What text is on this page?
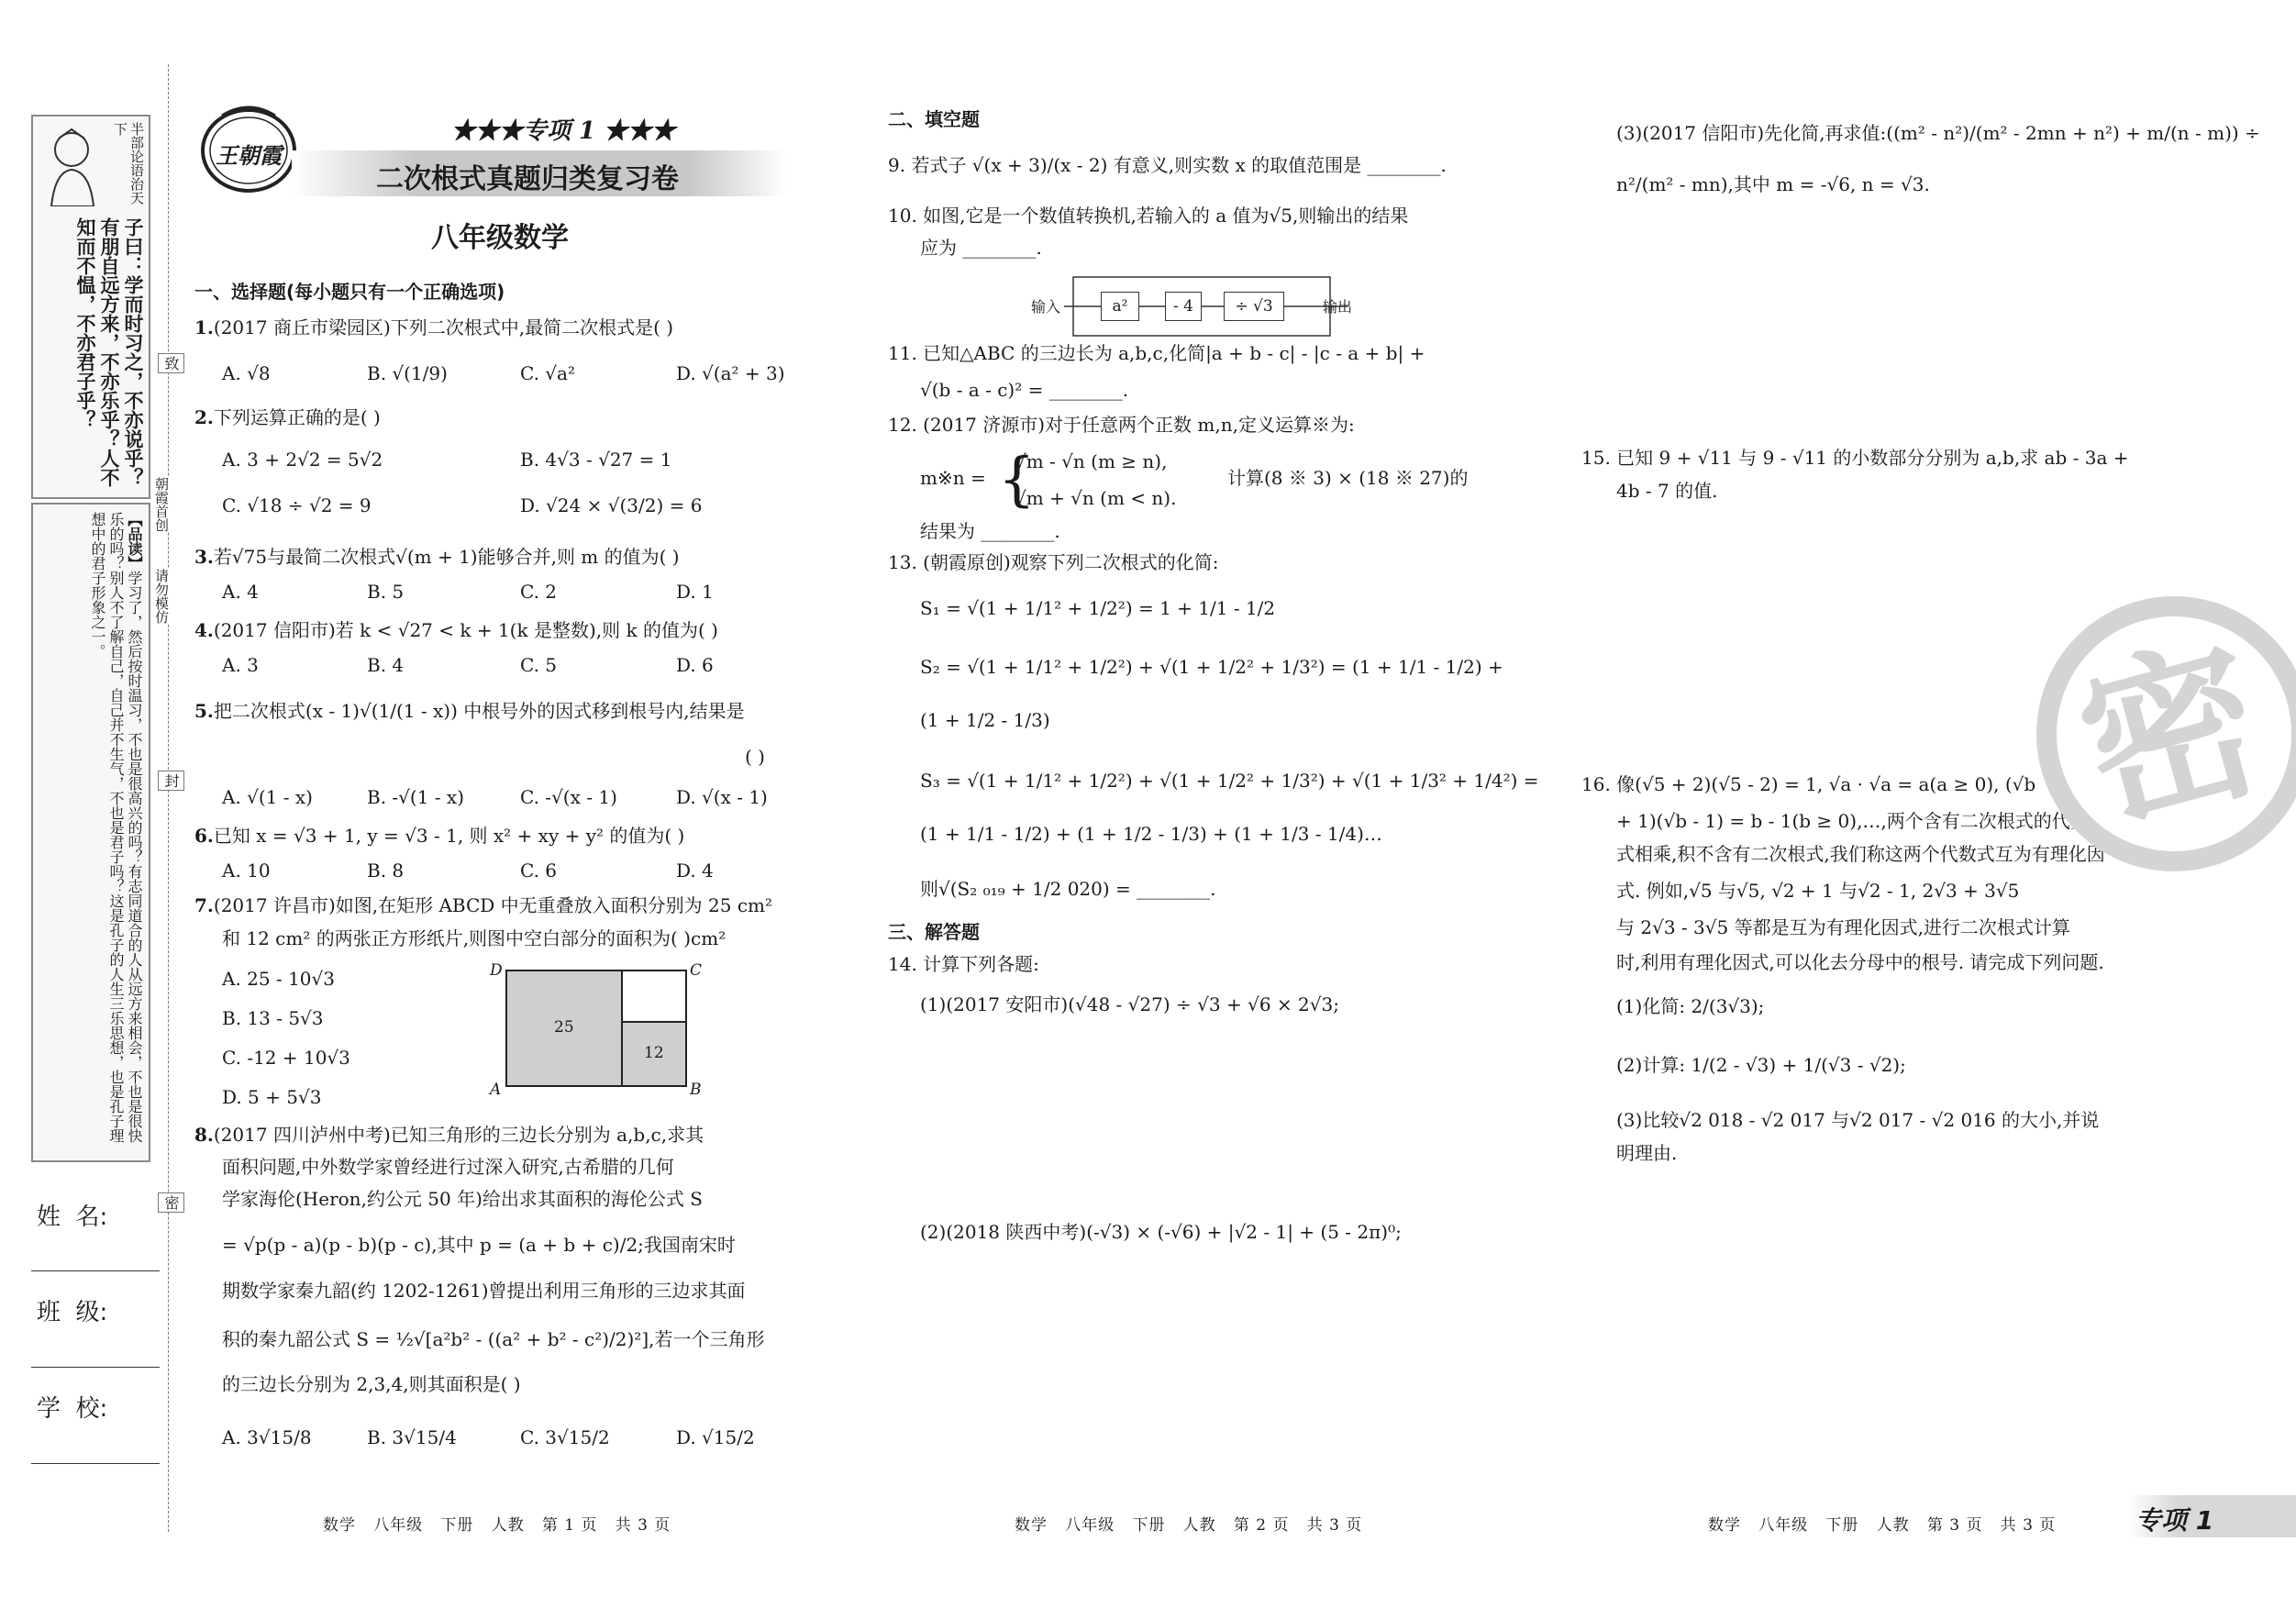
半部论语治天下
子曰：学而时习之，不亦说乎？有朋自远方来，不亦乐乎？人不知而不愠，不亦君子乎？
【品读】学习了，然后按时温习，不也是很高兴的吗？有志同道合的人从远方来相会，不也是很快乐的吗？别人不了解自己，自己并不生气，不也是君子吗？这是孔子的人生三乐思想，也是孔子理想中的君子形象之一。
致
朝霞首创
请勿模仿
封
密
姓  名:
班  级:
学  校:
王朝霞
★★★专项 1 ★★★
二次根式真题归类复习卷
八年级数学
一、选择题(每小题只有一个正确选项)
1.(2017 商丘市梁园区)下列二次根式中,最简二次根式是( )
A. √8	B. √(1/9)	C. √a²	D. √(a² + 3)
2.下列运算正确的是( )
A. 3 + 2√2 = 5√2	B. 4√3 - √27 = 1
C. √18 ÷ √2 = 9	D. √24 × √(3/2) = 6
3.若√75与最简二次根式√(m + 1)能够合并,则 m 的值为( )
A. 4	B. 5	C. 2	D. 1
4.(2017 信阳市)若 k < √27 < k + 1(k 是整数),则 k 的值为( )
A. 3	B. 4	C. 5	D. 6
5.把二次根式(x - 1)√(1/(1 - x)) 中根号外的因式移到根号内,结果是
( )
A. √(1 - x)	B. -√(1 - x)	C. -√(x - 1)	D. √(x - 1)
6.已知 x = √3 + 1, y = √3 - 1, 则 x² + xy + y² 的值为( )
A. 10	B. 8	C. 6	D. 4
7.(2017 许昌市)如图,在矩形 ABCD 中无重叠放入面积分别为 25 cm²
和 12 cm² 的两张正方形纸片,则图中空白部分的面积为( )cm²
A. 25 - 10√3
B. 13 - 5√3
C. -12 + 10√3
D. 5 + 5√3
D	C
A	B
25
12
8.(2017 四川泸州中考)已知三角形的三边长分别为 a,b,c,求其
面积问题,中外数学家曾经进行过深入研究,古希腊的几何
学家海伦(Heron,约公元 50 年)给出求其面积的海伦公式 S
= √p(p - a)(p - b)(p - c),其中 p = (a + b + c)/2;我国南宋时
期数学家秦九韶(约 1202-1261)曾提出利用三角形的三边求其面
积的秦九韶公式 S = ½√[a²b² - ((a² + b² - c²)/2)²],若一个三角形
的三边长分别为 2,3,4,则其面积是( )
A. 3√15/8	B. 3√15/4	C. 3√15/2	D. √15/2
二、填空题
9. 若式子 √(x + 3)/(x - 2) 有意义,则实数 x 的取值范围是 ________.
10. 如图,它是一个数值转换机,若输入的 a 值为√5,则输出的结果
应为 ________.
输入	a²	- 4	÷ √3	输出
11. 已知△ABC 的三边长为 a,b,c,化简|a + b - c| - |c - a + b| +
√(b - a - c)² = ________.
12. (2017 济源市)对于任意两个正数 m,n,定义运算※为:
m※n = {
√m - √n (m ≥ n),
√m + √n (m < n).
计算(8 ※ 3) × (18 ※ 27)的
结果为 ________.
13. (朝霞原创)观察下列二次根式的化简:
S₁ = √(1 + 1/1² + 1/2²) = 1 + 1/1 - 1/2
S₂ = √(1 + 1/1² + 1/2²) + √(1 + 1/2² + 1/3²) = (1 + 1/1 - 1/2) +
(1 + 1/2 - 1/3)
S₃ = √(1 + 1/1² + 1/2²) + √(1 + 1/2² + 1/3²) + √(1 + 1/3² + 1/4²) =
(1 + 1/1 - 1/2) + (1 + 1/2 - 1/3) + (1 + 1/3 - 1/4)…
则√(S₂ ₀₁₉ + 1/2 020) = ________.
三、解答题
14. 计算下列各题:
(1)(2017 安阳市)(√48 - √27) ÷ √3 + √6 × 2√3;
(2)(2018 陕西中考)(-√3) × (-√6) + |√2 - 1| + (5 - 2π)⁰;
(3)(2017 信阳市)先化简,再求值:((m² - n²)/(m² - 2mn + n²) + m/(n - m)) ÷
n²/(m² - mn),其中 m = -√6, n = √3.
15. 已知 9 + √11 与 9 - √11 的小数部分分别为 a,b,求 ab - 3a +
4b - 7 的值.
16. 像(√5 + 2)(√5 - 2) = 1, √a · √a = a(a ≥ 0), (√b
+ 1)(√b - 1) = b - 1(b ≥ 0),…,两个含有二次根式的代数
式相乘,积不含有二次根式,我们称这两个代数式互为有理化因
式. 例如,√5 与√5, √2 + 1 与√2 - 1, 2√3 + 3√5
与 2√3 - 3√5 等都是互为有理化因式,进行二次根式计算
时,利用有理化因式,可以化去分母中的根号. 请完成下列问题.
(1)化简: 2/(3√3);
(2)计算: 1/(2 - √3) + 1/(√3 - √2);
(3)比较√2 018 - √2 017 与√2 017 - √2 016 的大小,并说
明理由.
密
数学   八年级   下册   人教   第 1 页   共 3 页	数学   八年级   下册   人教   第 2 页   共 3 页	数学   八年级   下册   人教   第 3 页   共 3 页	专项 1
